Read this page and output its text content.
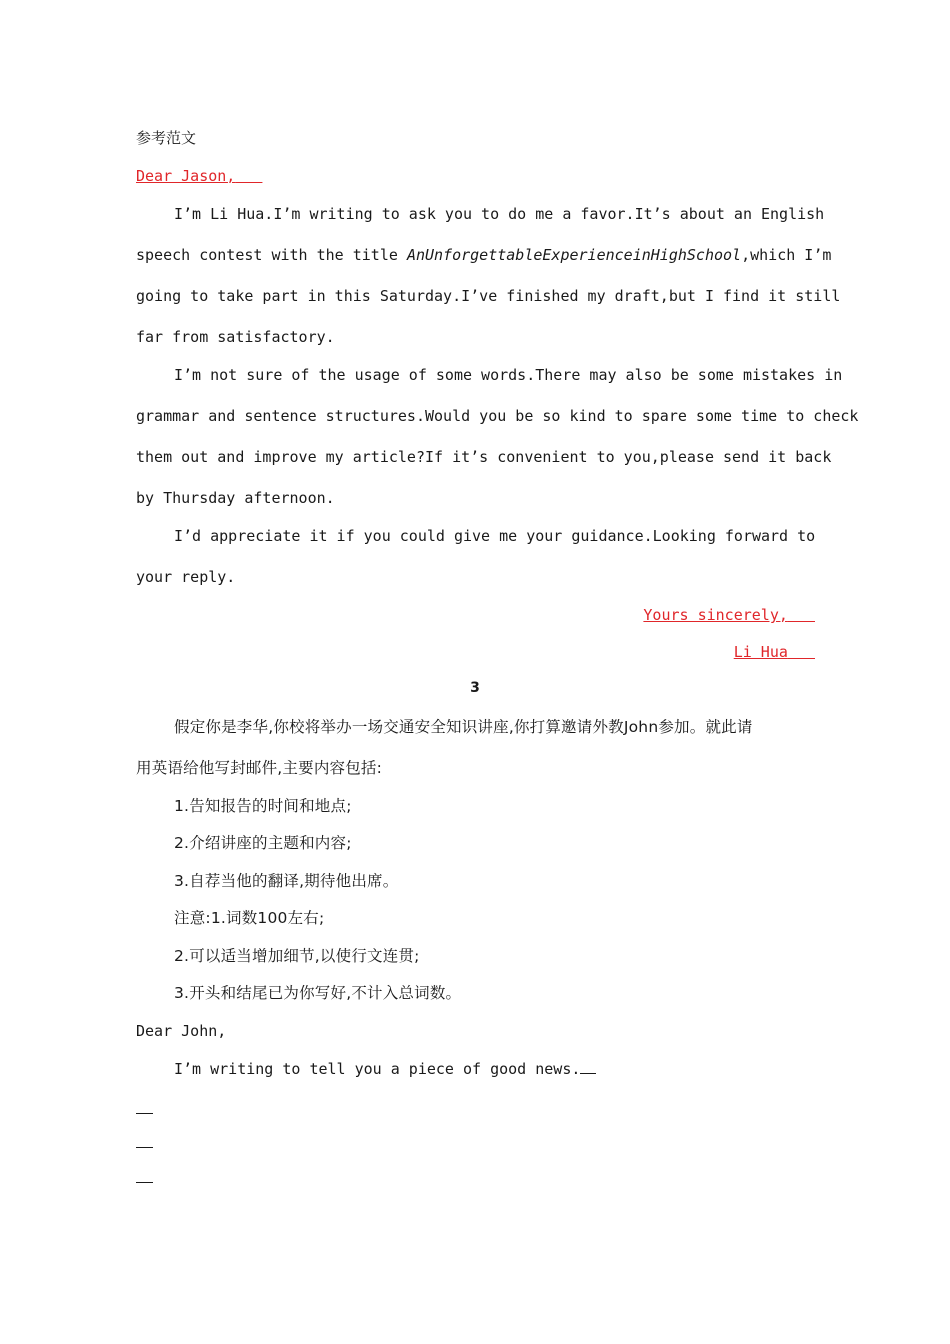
参考范文
Dear Jason,
I’m Li Hua.I’m writing to ask you to do me a favor.It’s about an English
speech contest with the title AnUnforgettableExperienceinHighSchool,which I’m
going to take part in this Saturday.I’ve finished my draft,but I find it still
far from satisfactory.
I’m not sure of the usage of some words.There may also be some mistakes in
grammar and sentence structures.Would you be so kind to spare some time to check
them out and improve my article?If it’s convenient to you,please send it back
by Thursday afternoon.
I’d appreciate it if you could give me your guidance.Looking forward to
your reply.
Yours sincerely,
Li Hua
3
假定你是李华,你校将举办一场交通安全知识讲座,你打算邀请外教John参加。就此请
用英语给他写封邮件,主要内容包括:
1.告知报告的时间和地点;
2.介绍讲座的主题和内容;
3.自荐当他的翻译,期待他出席。
注意:1.词数100左右;
2.可以适当增加细节,以使行文连贯;
3.开头和结尾已为你写好,不计入总词数。
Dear John,
I’m writing to tell you a piece of good news.
